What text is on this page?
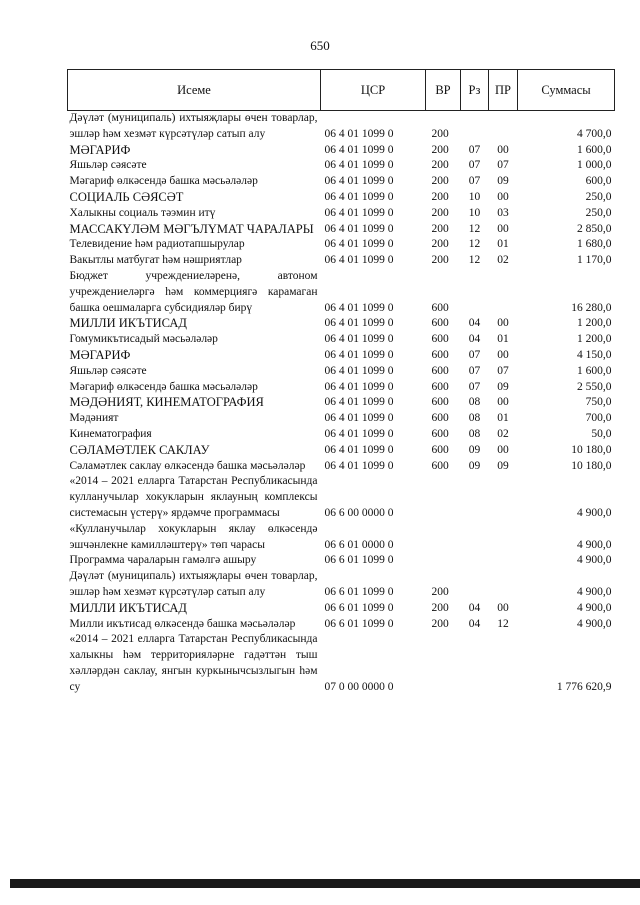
650
Исеме	ЦСР	ВР	Рз	ПР	Суммасы
Дәүләт (муниципаль) ихтыяҗлары өчен товарлар, эшләр һәм хезмәт күрсәтүләр сатып алу	06 4 01 1099 0	200			4 700,0
МӘГАРИФ	06 4 01 1099 0	200	07	00	1 600,0
Яшьләр сәясәте	06 4 01 1099 0	200	07	07	1 000,0
Мәгариф өлкәсендә башка мәсьәләләр	06 4 01 1099 0	200	07	09	600,0
СОЦИАЛЬ СӘЯСӘТ	06 4 01 1099 0	200	10	00	250,0
Халыкны социаль тәэмин итү	06 4 01 1099 0	200	10	03	250,0
МАССАКҮЛӘМ МӘГЪЛҮМАТ ЧАРАЛАРЫ	06 4 01 1099 0	200	12	00	2 850,0
Телевидение һәм радиотапшырулар	06 4 01 1099 0	200	12	01	1 680,0
Вакытлы матбугат һәм нәшриятлар	06 4 01 1099 0	200	12	02	1 170,0
Бюджет учреждениеләренә, автоном учреждениеләргә һәм коммерциягә карамаган башка оешмаларга субсидияләр бирү	06 4 01 1099 0	600			16 280,0
МИЛЛИ ИКЪТИСАД	06 4 01 1099 0	600	04	00	1 200,0
Гомумикътисадый мәсьәләләр	06 4 01 1099 0	600	04	01	1 200,0
МӘГАРИФ	06 4 01 1099 0	600	07	00	4 150,0
Яшьләр сәясәте	06 4 01 1099 0	600	07	07	1 600,0
Мәгариф өлкәсендә башка мәсьәләләр	06 4 01 1099 0	600	07	09	2 550,0
МӘДӘНИЯТ, КИНЕМАТОГРАФИЯ	06 4 01 1099 0	600	08	00	750,0
Мәдәният	06 4 01 1099 0	600	08	01	700,0
Кинематография	06 4 01 1099 0	600	08	02	50,0
СӘЛАМӘТЛЕК САКЛАУ	06 4 01 1099 0	600	09	00	10 180,0
Сәламәтлек саклау өлкәсендә башка мәсьәләләр	06 4 01 1099 0	600	09	09	10 180,0
«2014 – 2021 елларга Татарстан Республикасында кулланучылар хокукларын яклауның комплексы системасын үстерү» ярдәмче программасы	06 6 00 0000 0				4 900,0
«Кулланучылар хокукларын яклау өлкәсендә эшчәнлекне камилләштерү» төп чарасы	06 6 01 0000 0				4 900,0
Программа чараларын гамәлгә ашыру	06 6 01 1099 0				4 900,0
Дәүләт (муниципаль) ихтыяҗлары өчен товарлар, эшләр һәм хезмәт күрсәтүләр сатып алу	06 6 01 1099 0	200			4 900,0
МИЛЛИ ИКЪТИСАД	06 6 01 1099 0	200	04	00	4 900,0
Милли икътисад өлкәсендә башка мәсьәләләр	06 6 01 1099 0	200	04	12	4 900,0
«2014 – 2021 елларга Татарстан Республикасында халыкны һәм территорияләрне гадәттән тыш хәлләрдән саклау, янгын куркынычсызлыгын һәм су	07 0 00 0000 0				1 776 620,9
